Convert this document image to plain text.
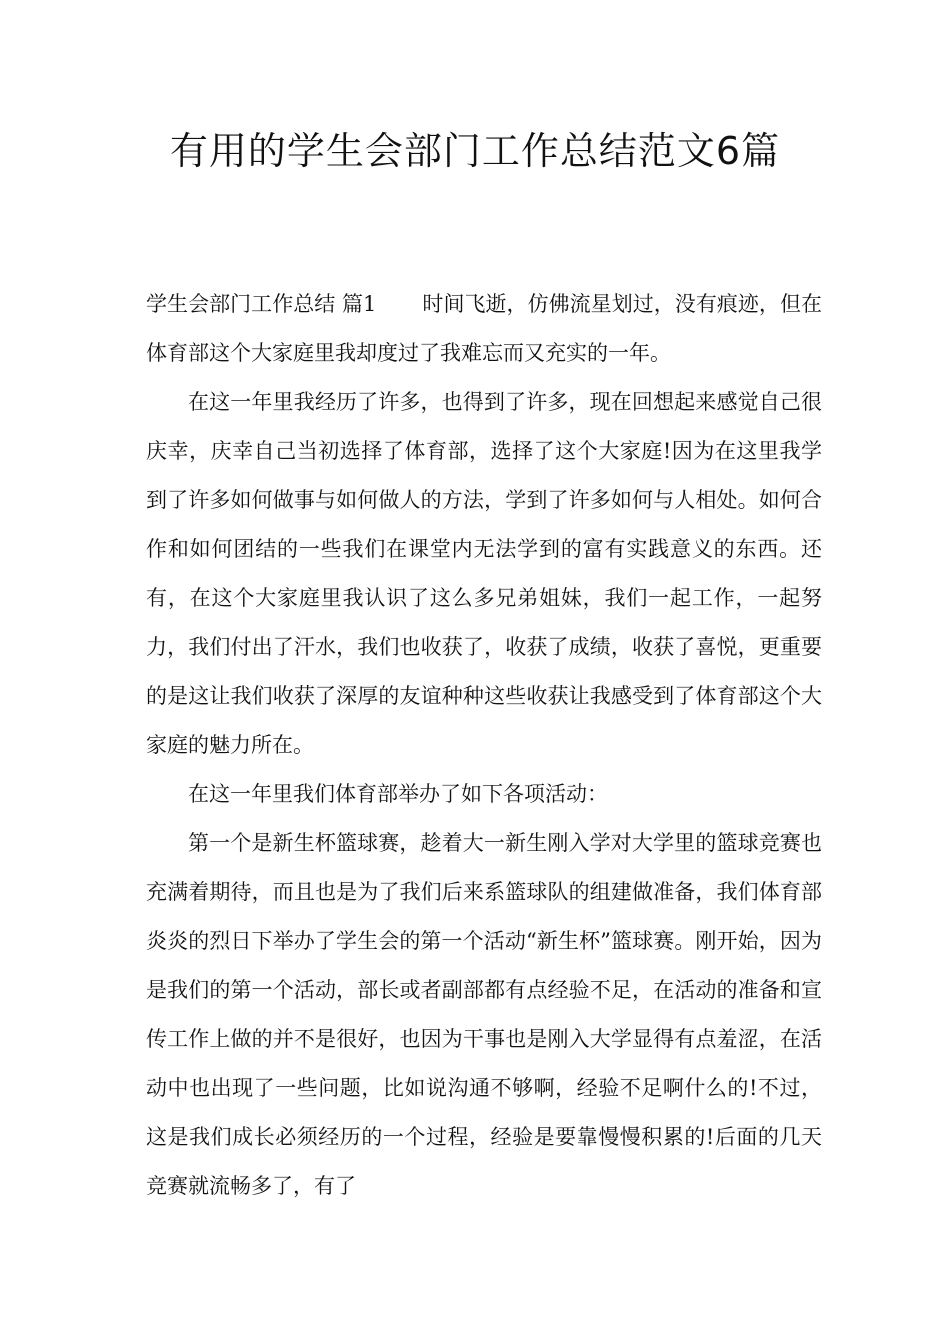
有用的学生会部门工作总结范文6篇

学生会部门工作总结 篇1 时间飞逝，仿佛流星划过，没有痕迹，但在体育部这个大家庭里我却度过了我难忘而又充实的一年。

在这一年里我经历了许多，也得到了许多，现在回想起来感觉自己很庆幸，庆幸自己当初选择了体育部，选择了这个大家庭!因为在这里我学到了许多如何做事与如何做人的方法，学到了许多如何与人相处。如何合作和如何团结的一些我们在课堂内无法学到的富有实践意义的东西。还有，在这个大家庭里我认识了这么多兄弟姐妹，我们一起工作，一起努力，我们付出了汗水，我们也收获了，收获了成绩，收获了喜悦，更重要的是这让我们收获了深厚的友谊种种这些收获让我感受到了体育部这个大家庭的魅力所在。

在这一年里我们体育部举办了如下各项活动：

第一个是新生杯篮球赛，趁着大一新生刚入学对大学里的篮球竞赛也充满着期待，而且也是为了我们后来系篮球队的组建做准备，我们体育部炎炎的烈日下举办了学生会的第一个活动“新生杯”篮球赛。刚开始，因为是我们的第一个活动，部长或者副部都有点经验不足，在活动的准备和宣传工作上做的并不是很好，也因为干事也是刚入大学显得有点羞涩，在活动中也出现了一些问题，比如说沟通不够啊，经验不足啊什么的!不过，这是我们成长必须经历的一个过程，经验是要靠慢慢积累的!后面的几天竞赛就流畅多了，有了
